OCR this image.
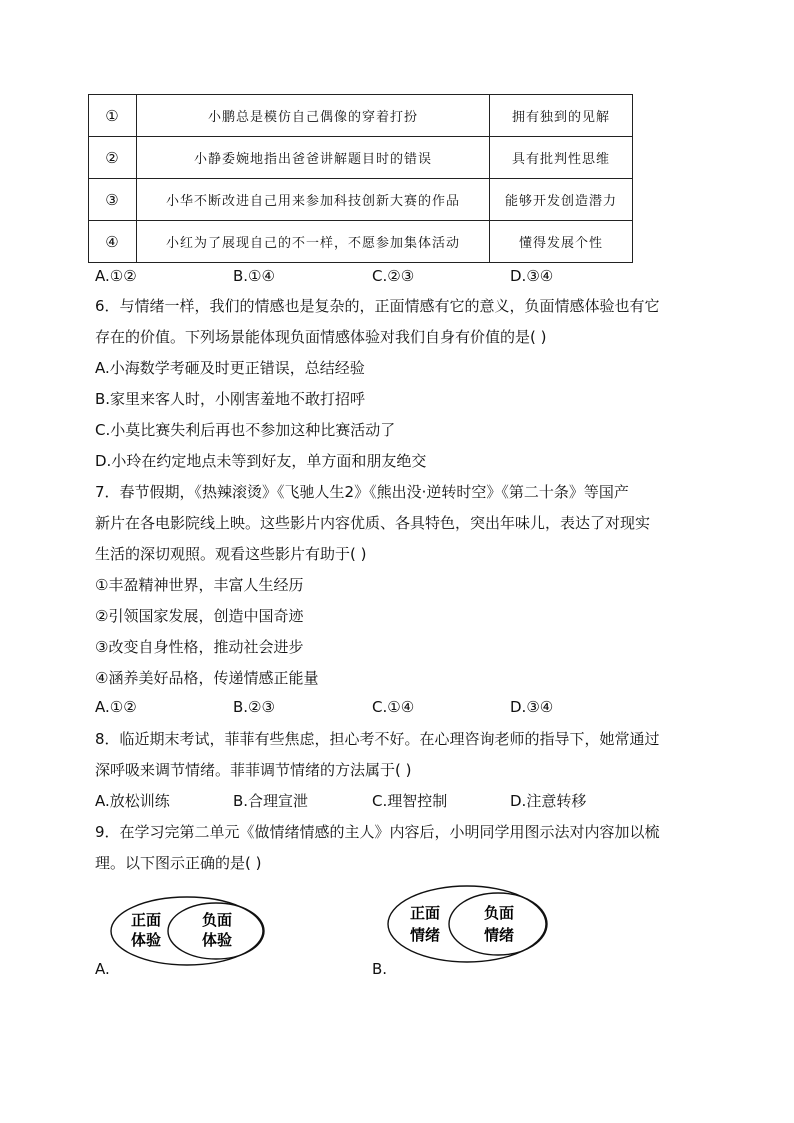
①	小鹏总是模仿自己偶像的穿着打扮	拥有独到的见解
②	小静委婉地指出爸爸讲解题目时的错误	具有批判性思维
③	小华不断改进自己用来参加科技创新大赛的作品	能够开发创造潜力
④	小红为了展现自己的不一样，不愿参加集体活动	懂得发展个性
A.①②	B.①④	C.②③	D.③④
6．与情绪一样，我们的情感也是复杂的，正面情感有它的意义，负面情感体验也有它
存在的价值。下列场景能体现负面情感体验对我们自身有价值的是( )
A.小海数学考砸及时更正错误，总结经验
B.家里来客人时，小刚害羞地不敢打招呼
C.小莫比赛失利后再也不参加这种比赛活动了
D.小玲在约定地点未等到好友，单方面和朋友绝交
7．春节假期，《热辣滚烫》《飞驰人生2》《熊出没·逆转时空》《第二十条》等国产
新片在各电影院线上映。这些影片内容优质、各具特色，突出年味儿，表达了对现实
生活的深切观照。观看这些影片有助于( )
①丰盈精神世界，丰富人生经历
②引领国家发展，创造中国奇迹
③改变自身性格，推动社会进步
④涵养美好品格，传递情感正能量
A.①②	B.②③	C.①④	D.③④
8．临近期末考试，菲菲有些焦虑，担心考不好。在心理咨询老师的指导下，她常通过
深呼吸来调节情绪。菲菲调节情绪的方法属于( )
A.放松训练	B.合理宣泄	C.理智控制	D.注意转移
9．在学习完第二单元《做情绪情感的主人》内容后，小明同学用图示法对内容加以梳
理。以下图示正确的是( )
正面
体验
负面
体验
A.
正面
情绪
负面
情绪
B.
